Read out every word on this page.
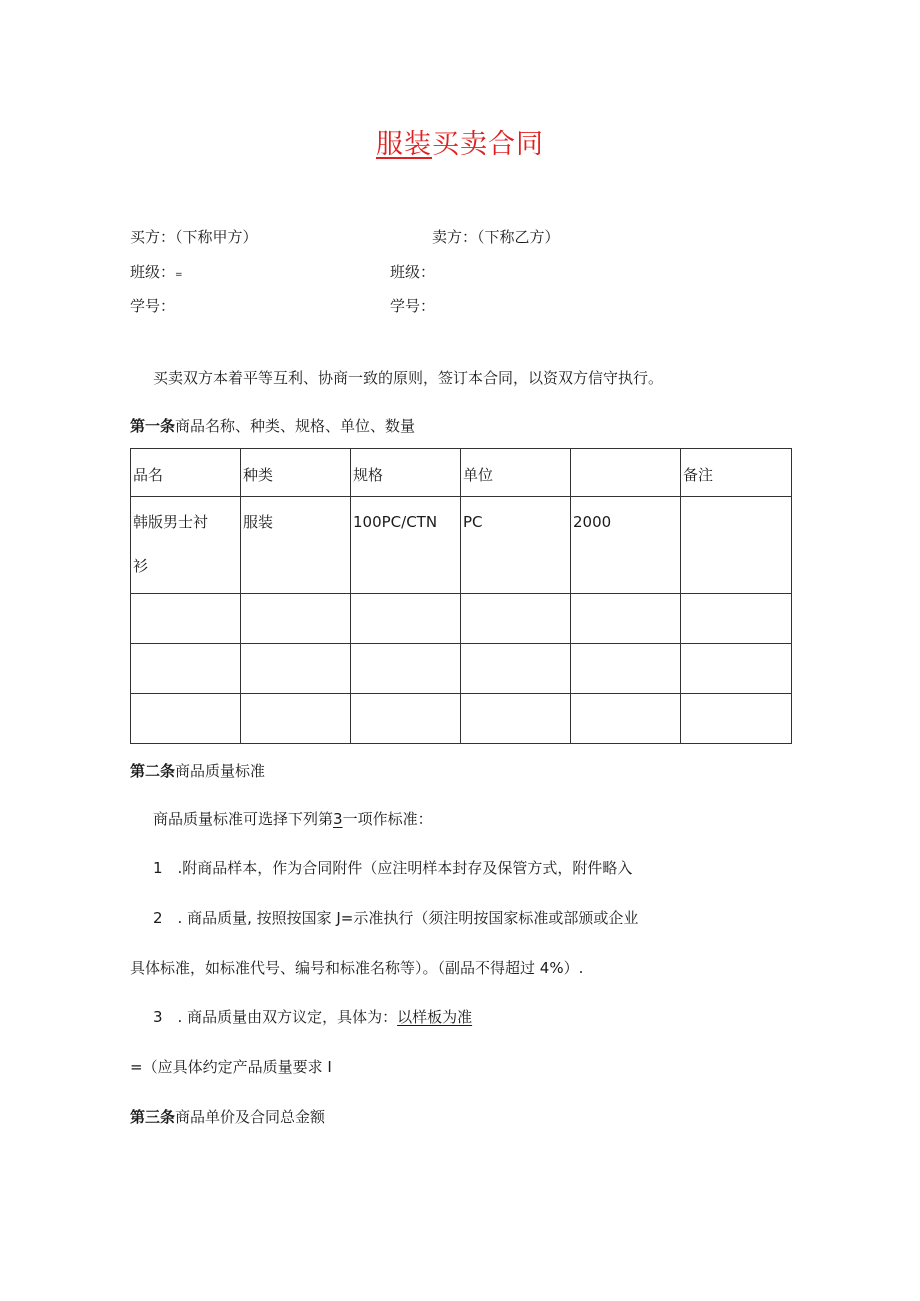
服装买卖合同
买方：（下称甲方）	卖方：（下称乙方）
班级：=	班级：
学号：	学号：
买卖双方本着平等互利、协商一致的原则，签订本合同，以资双方信守执行。
第一条商品名称、种类、规格、单位、数量
品名	种类	规格	单位		备注

韩版男士衬
衫	服装	100PC/CTN	PC	2000	

第二条商品质量标准
商品质量标准可选择下列第3一项作标准：
1　.附商品样本，作为合同附件（应注明样本封存及保管方式，附件略入
2　. 商品质量, 按照按国家 J=示准执行（须注明按国家标准或部颁或企业
具体标准，如标准代号、编号和标准名称等）。（副品不得超过 4%）.
3　. 商品质量由双方议定，具体为：以样板为准
=（应具体约定产品质量要求 I
第三条商品单价及合同总金额
